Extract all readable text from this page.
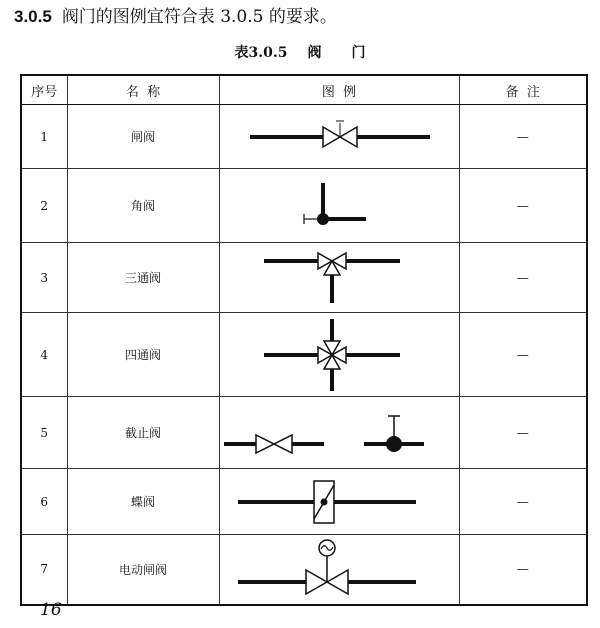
3.0.5 阀门的图例宜符合表 3.0.5 的要求。
表3.0.5 阀 门
序号	名  称	图  例	备  注
1	闸阀		—
2	角阀		—
3	三通阀		—
4	四通阀		—
5	截止阀		—
6	蝶阀		—
7	电动闸阀		—
16
